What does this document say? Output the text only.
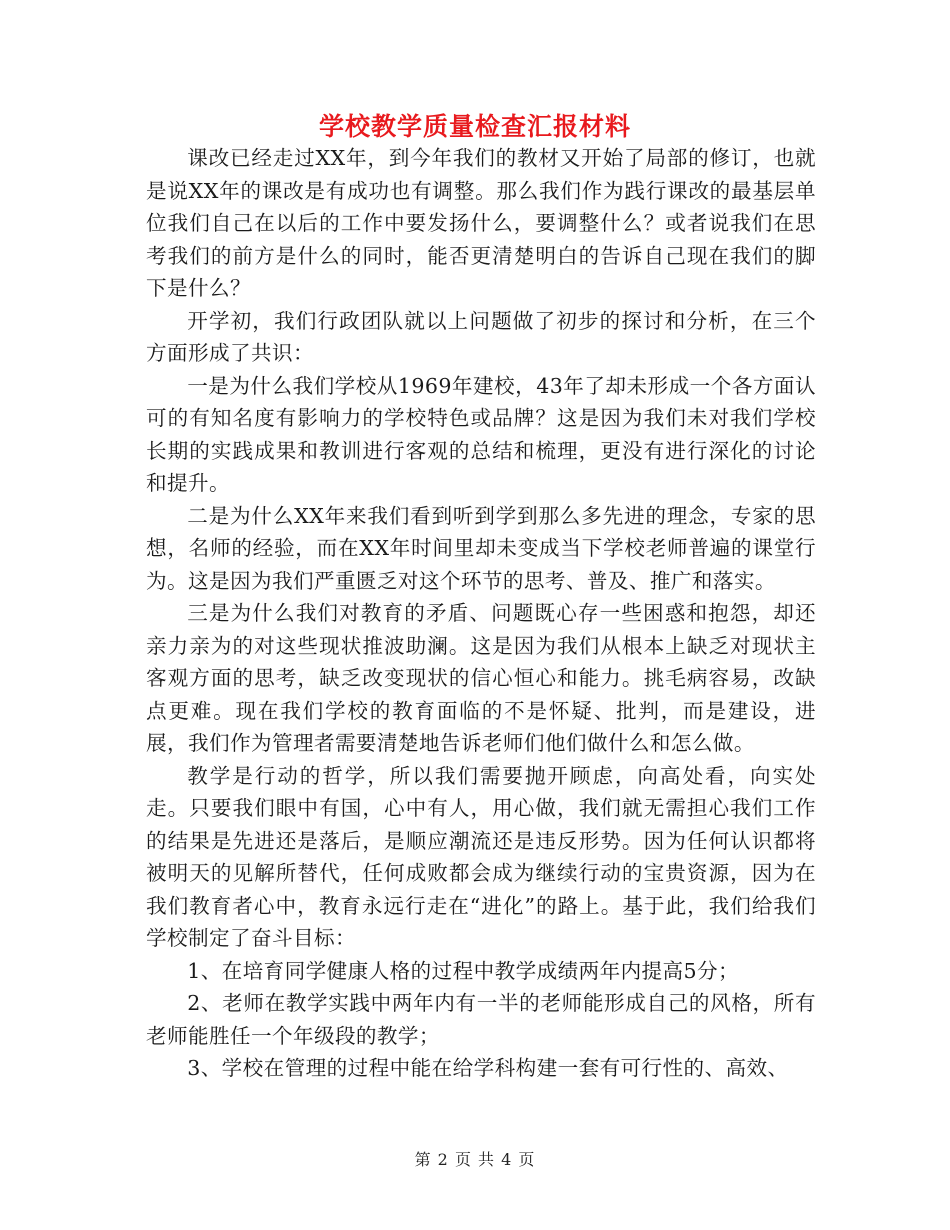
学校教学质量检查汇报材料

课改已经走过XX年，到今年我们的教材又开始了局部的修订，也就是说XX年的课改是有成功也有调整。那么我们作为践行课改的最基层单位我们自己在以后的工作中要发扬什么，要调整什么？或者说我们在思考我们的前方是什么的同时，能否更清楚明白的告诉自己现在我们的脚下是什么？

开学初，我们行政团队就以上问题做了初步的探讨和分析，在三个方面形成了共识：

一是为什么我们学校从1969年建校，43年了却未形成一个各方面认可的有知名度有影响力的学校特色或品牌？这是因为我们未对我们学校长期的实践成果和教训进行客观的总结和梳理，更没有进行深化的讨论和提升。

二是为什么XX年来我们看到听到学到那么多先进的理念，专家的思想，名师的经验，而在XX年时间里却未变成当下学校老师普遍的课堂行为。这是因为我们严重匮乏对这个环节的思考、普及、推广和落实。

三是为什么我们对教育的矛盾、问题既心存一些困惑和抱怨，却还亲力亲为的对这些现状推波助澜。这是因为我们从根本上缺乏对现状主客观方面的思考，缺乏改变现状的信心恒心和能力。挑毛病容易，改缺点更难。现在我们学校的教育面临的不是怀疑、批判，而是建设，进展，我们作为管理者需要清楚地告诉老师们他们做什么和怎么做。

教学是行动的哲学，所以我们需要抛开顾虑，向高处看，向实处走。只要我们眼中有国，心中有人，用心做，我们就无需担心我们工作的结果是先进还是落后，是顺应潮流还是违反形势。因为任何认识都将被明天的见解所替代，任何成败都会成为继续行动的宝贵资源，因为在我们教育者心中，教育永远行走在“进化”的路上。基于此，我们给我们学校制定了奋斗目标：

1、在培育同学健康人格的过程中教学成绩两年内提高5分；

2、老师在教学实践中两年内有一半的老师能形成自己的风格，所有老师能胜任一个年级段的教学；

3、学校在管理的过程中能在给学科构建一套有可行性的、高效、

第 2 页 共 4 页
